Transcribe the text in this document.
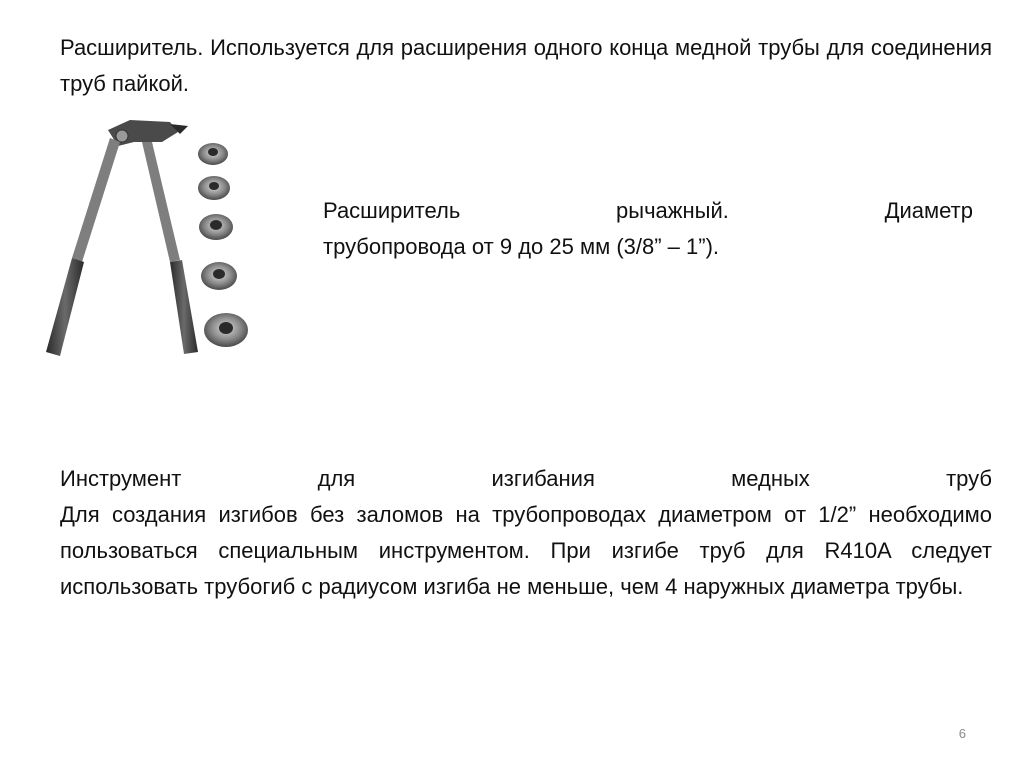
Расширитель. Используется для расширения одного конца медной трубы для соединения труб пайкой.
Расширитель рычажный. Диаметр
трубопровода от 9 до 25 мм (3/8” – 1”).
Инструмент для изгибания медных труб
Для создания изгибов без заломов на трубопроводах диаметром от 1/2” необходимо пользоваться специальным инструментом. При изгибе труб для R410A следует использовать трубогиб с радиусом изгиба не меньше, чем 4 наружных диаметра трубы.
6
